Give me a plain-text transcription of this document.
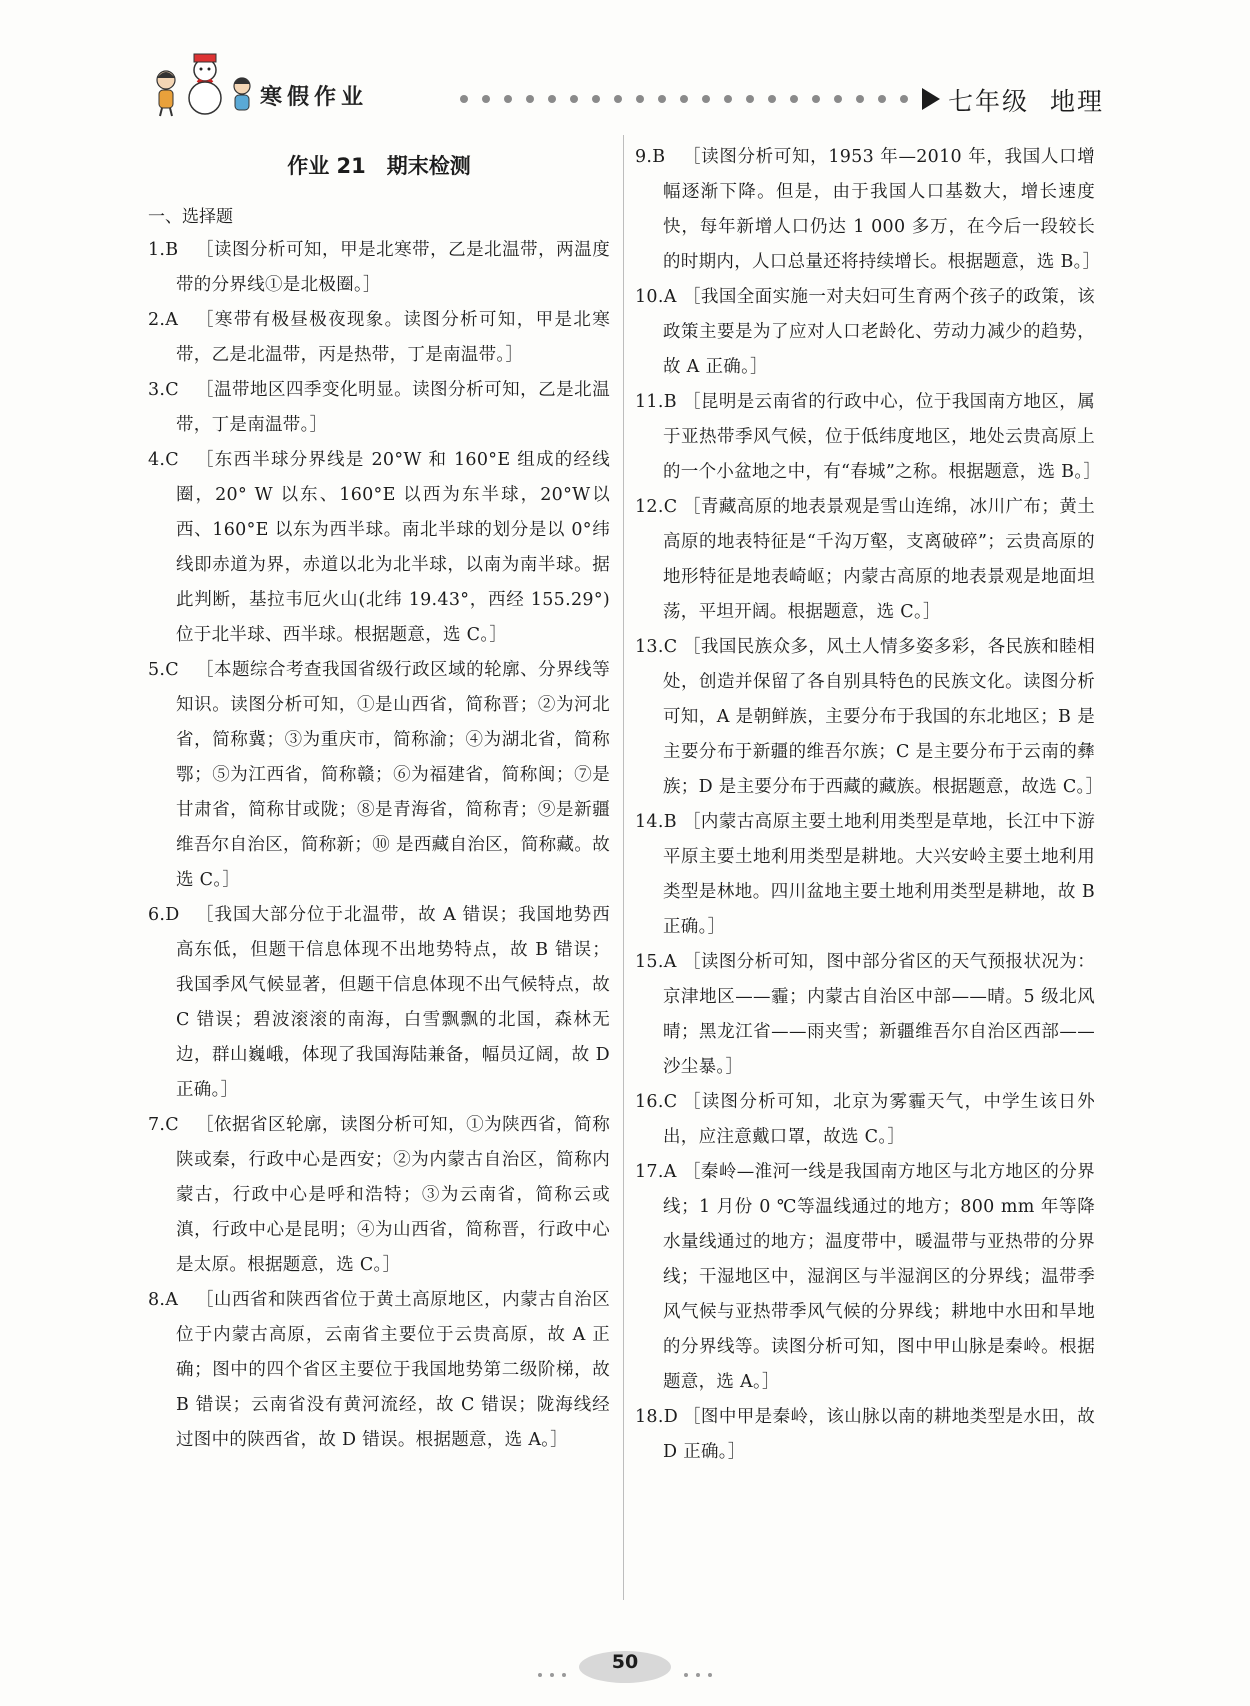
寒假作业	七年级 地理
作业 21　期末检测
一、选择题

1.B	［读图分析可知，甲是北寒带，乙是北温带，两温度带的分界线①是北极圈。］

2.A	［寒带有极昼极夜现象。读图分析可知，甲是北寒带，乙是北温带，丙是热带，丁是南温带。］

3.C ［温带地区四季变化明显。读图分析可知，乙是北温带，丁是南温带。］

4.C ［东西半球分界线是 20°W 和 160°E 组成的经线圈，20° W 以东、160°E 以西为东半球，20°W以西、160°E 以东为西半球。南北半球的划分是以 0°纬线即赤道为界，赤道以北为北半球，以南为南半球。据此判断，基拉韦厄火山(北纬 19.43°，西经 155.29°)位于北半球、西半球。根据题意，选 C。］

5.C ［本题综合考查我国省级行政区域的轮廓、分界线等知识。读图分析可知，①是山西省，简称晋；②为河北省，简称冀；③为重庆市，简称渝；④为湖北省，简称鄂；⑤为江西省，简称赣；⑥为福建省，简称闽；⑦是甘肃省，简称甘或陇；⑧是青海省，简称青；⑨是新疆维吾尔自治区，简称新；⑩ 是西藏自治区，简称藏。故选 C。］

6.D ［我国大部分位于北温带，故 A 错误；我国地势西高东低，但题干信息体现不出地势特点，故 B 错误；我国季风气候显著，但题干信息体现不出气候特点，故 C 错误；碧波滚滚的南海，白雪飘飘的北国，森林无边，群山巍峨，体现了我国海陆兼备，幅员辽阔，故 D 正确。］

7.C ［依据省区轮廓，读图分析可知，①为陕西省，简称陕或秦，行政中心是西安；②为内蒙古自治区，简称内蒙古，行政中心是呼和浩特；③为云南省，简称云或滇，行政中心是昆明；④为山西省，简称晋，行政中心是太原。根据题意，选 C。］

8.A	［山西省和陕西省位于黄土高原地区，内蒙古自治区位于内蒙古高原，云南省主要位于云贵高原，故 A 正确；图中的四个省区主要位于我国地势第二级阶梯，故 B 错误；云南省没有黄河流经，故 C 错误；陇海线经过图中的陕西省，故 D 错误。根据题意，选 A。］

9.B	［读图分析可知，1953 年—2010 年，我国人口增幅逐渐下降。但是，由于我国人口基数大，增长速度快，每年新增人口仍达 1 000 多万，在今后一段较长的时期内，人口总量还将持续增长。根据题意，选 B。］

10.A ［我国全面实施一对夫妇可生育两个孩子的政策，该政策主要是为了应对人口老龄化、劳动力减少的趋势，故 A 正确。］

11.B ［昆明是云南省的行政中心，位于我国南方地区，属于亚热带季风气候，位于低纬度地区，地处云贵高原上的一个小盆地之中，有“春城”之称。根据题意，选 B。］

12.C ［青藏高原的地表景观是雪山连绵，冰川广布；黄土高原的地表特征是“千沟万壑，支离破碎”；云贵高原的地形特征是地表崎岖；内蒙古高原的地表景观是地面坦荡，平坦开阔。根据题意，选 C。］

13.C ［我国民族众多，风土人情多姿多彩，各民族和睦相处，创造并保留了各自别具特色的民族文化。读图分析可知，A 是朝鲜族，主要分布于我国的东北地区；B 是主要分布于新疆的维吾尔族；C 是主要分布于云南的彝族；D 是主要分布于西藏的藏族。根据题意，故选 C。］

14.B ［内蒙古高原主要土地利用类型是草地，长江中下游平原主要土地利用类型是耕地。大兴安岭主要土地利用类型是林地。四川盆地主要土地利用类型是耕地，故 B 正确。］

15.A ［读图分析可知，图中部分省区的天气预报状况为：京津地区——霾；内蒙古自治区中部——晴。5 级北风晴；黑龙江省——雨夹雪；新疆维吾尔自治区西部——沙尘暴。］

16.C ［读图分析可知，北京为雾霾天气，中学生该日外出，应注意戴口罩，故选 C。］

17.A ［秦岭—淮河一线是我国南方地区与北方地区的分界线；1 月份 0 ℃等温线通过的地方；800 mm 年等降水量线通过的地方；温度带中，暖温带与亚热带的分界线；干湿地区中，湿润区与半湿润区的分界线；温带季风气候与亚热带季风气候的分界线；耕地中水田和旱地的分界线等。读图分析可知，图中甲山脉是秦岭。根据题意，选 A。］

18.D ［图中甲是秦岭，该山脉以南的耕地类型是水田，故 D 正确。］

50
